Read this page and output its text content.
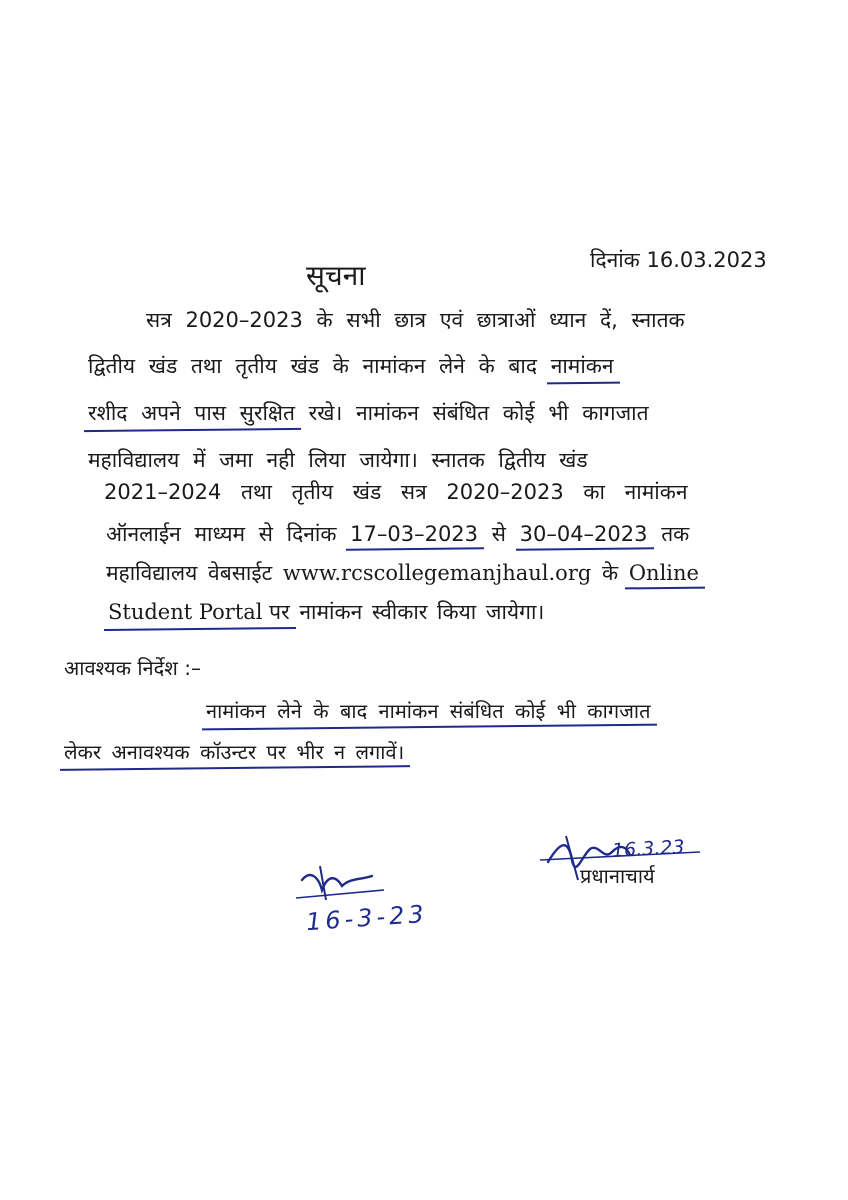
सूचना	दिनांक 16.03.2023
सत्र 2020–2023 के सभी छात्र एवं छात्राओं ध्यान दें, स्नातक
द्वितीय खंड तथा तृतीय खंड के नामांकन लेने के बाद नामांकन
रशीद अपने पास सुरक्षित रखे। नामांकन संबंधित कोई भी कागजात
महाविद्यालय में जमा नही लिया जायेगा। स्नातक द्वितीय खंड
2021–2024 तथा तृतीय खंड सत्र 2020–2023 का नामांकन
ऑनलाईन माध्यम से दिनांक 17–03–2023 से 30–04–2023 तक
महाविद्यालय वेबसाईट www.rcscollegemanjhaul.org के Online
Student Portal पर नामांकन स्वीकार किया जायेगा।
आवश्यक निर्देश :–
नामांकन लेने के बाद नामांकन संबंधित कोई भी कागजात
लेकर अनावश्यक कॉउन्टर पर भीर न लगावें।
16.3.23
प्रधानाचार्य
16-3-23
